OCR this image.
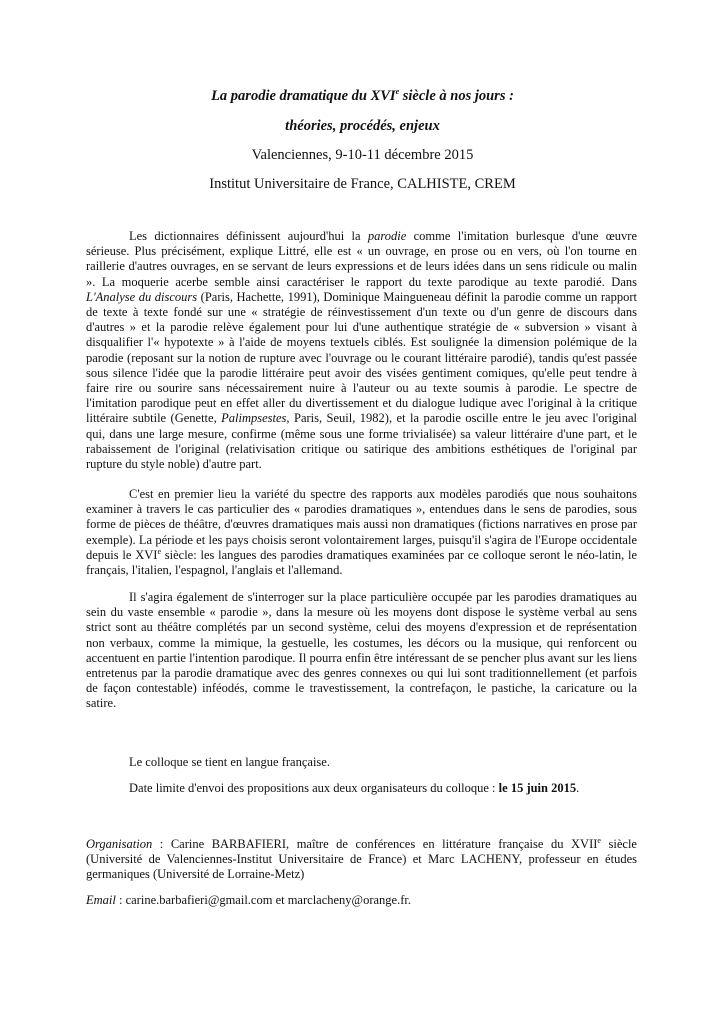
La parodie dramatique du XVIe siècle à nos jours :

théories, procédés, enjeux

Valenciennes, 9-10-11 décembre 2015

Institut Universitaire de France, CALHISTE, CREM

Les dictionnaires définissent aujourd'hui la parodie comme l'imitation burlesque d'une œuvre sérieuse. Plus précisément, explique Littré, elle est « un ouvrage, en prose ou en vers, où l'on tourne en raillerie d'autres ouvrages, en se servant de leurs expressions et de leurs idées dans un sens ridicule ou malin ». La moquerie acerbe semble ainsi caractériser le rapport du texte parodique au texte parodié. Dans L'Analyse du discours (Paris, Hachette, 1991), Dominique Maingueneau définit la parodie comme un rapport de texte à texte fondé sur une « stratégie de réinvestissement d'un texte ou d'un genre de discours dans d'autres » et la parodie relève également pour lui d'une authentique stratégie de « subversion » visant à disqualifier l'« hypotexte » à l'aide de moyens textuels ciblés. Est soulignée la dimension polémique de la parodie (reposant sur la notion de rupture avec l'ouvrage ou le courant littéraire parodié), tandis qu'est passée sous silence l'idée que la parodie littéraire peut avoir des visées gentiment comiques, qu'elle peut tendre à faire rire ou sourire sans nécessairement nuire à l'auteur ou au texte soumis à parodie. Le spectre de l'imitation parodique peut en effet aller du divertissement et du dialogue ludique avec l'original à la critique littéraire subtile (Genette, Palimpsestes, Paris, Seuil, 1982), et la parodie oscille entre le jeu avec l'original qui, dans une large mesure, confirme (même sous une forme trivialisée) sa valeur littéraire d'une part, et le rabaissement de l'original (relativisation critique ou satirique des ambitions esthétiques de l'original par rupture du style noble) d'autre part.

C'est en premier lieu la variété du spectre des rapports aux modèles parodiés que nous souhaitons examiner à travers le cas particulier des « parodies dramatiques », entendues dans le sens de parodies, sous forme de pièces de théâtre, d'œuvres dramatiques mais aussi non dramatiques (fictions narratives en prose par exemple). La période et les pays choisis seront volontairement larges, puisqu'il s'agira de l'Europe occidentale depuis le XVIe siècle: les langues des parodies dramatiques examinées par ce colloque seront le néo-latin, le français, l'italien, l'espagnol, l'anglais et l'allemand.

Il s'agira également de s'interroger sur la place particulière occupée par les parodies dramatiques au sein du vaste ensemble « parodie », dans la mesure où les moyens dont dispose le système verbal au sens strict sont au théâtre complétés par un second système, celui des moyens d'expression et de représentation non verbaux, comme la mimique, la gestuelle, les costumes, les décors ou la musique, qui renforcent ou accentuent en partie l'intention parodique. Il pourra enfin être intéressant de se pencher plus avant sur les liens entretenus par la parodie dramatique avec des genres connexes ou qui lui sont traditionnellement (et parfois de façon contestable) inféodés, comme le travestissement, la contrefaçon, le pastiche, la caricature ou la satire.

Le colloque se tient en langue française.

Date limite d'envoi des propositions aux deux organisateurs du colloque : le 15 juin 2015.

Organisation : Carine BARBAFIERI, maître de conférences en littérature française du XVIIe siècle (Université de Valenciennes-Institut Universitaire de France) et Marc LACHENY, professeur en études germaniques (Université de Lorraine-Metz)

Email : carine.barbafieri@gmail.com et marclacheny@orange.fr.
